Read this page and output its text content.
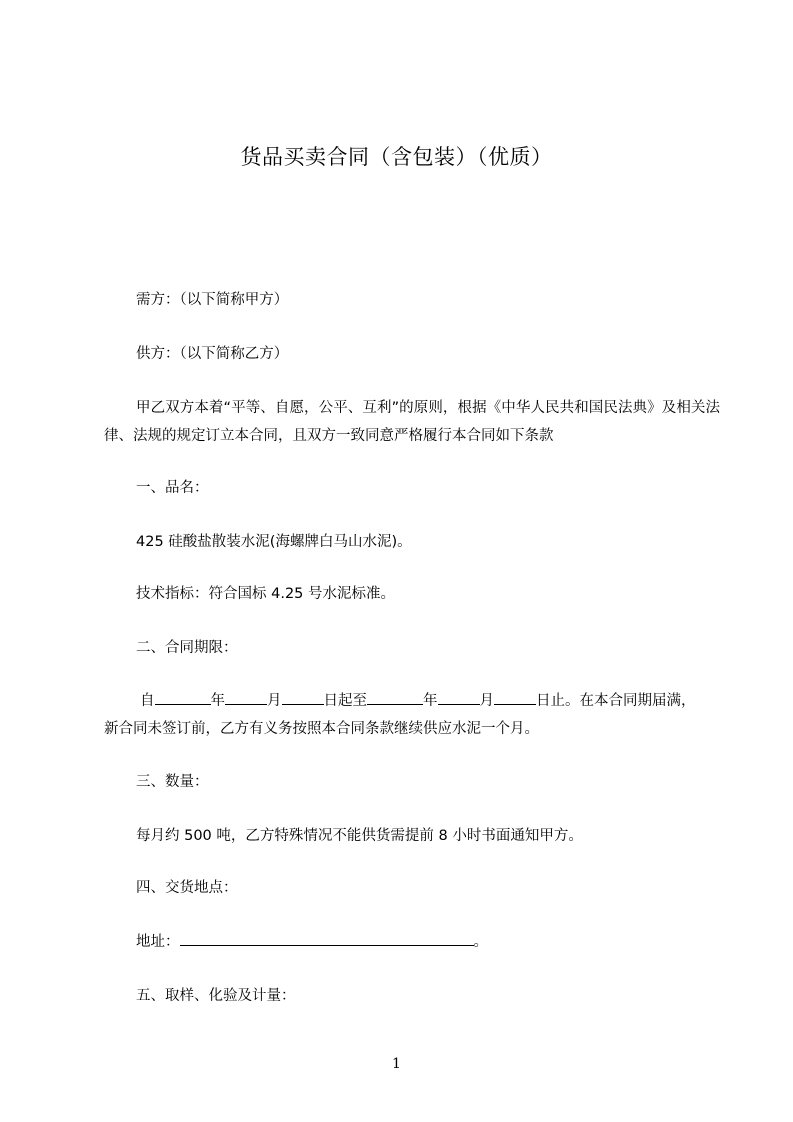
货品买卖合同（含包装）（优质）
需方：（以下简称甲方）
供方：（以下简称乙方）
甲乙双方本着“平等、自愿，公平、互利”的原则，根据《中华人民共和国民法典》及相关法律、法规的规定订立本合同，且双方一致同意严格履行本合同如下条款
一、品名：
425 硅酸盐散装水泥(海螺牌白马山水泥)。
技术指标：符合国标 4.25 号水泥标准。
二、合同期限：
自	年	月	日起至	年	月	日止。在本合同期届满，
新合同未签订前，乙方有义务按照本合同条款继续供应水泥一个月。
三、数量：
每月约 500 吨，乙方特殊情况不能供货需提前 8 小时书面通知甲方。
四、交货地点：
地址：	。
五、取样、化验及计量：
1
